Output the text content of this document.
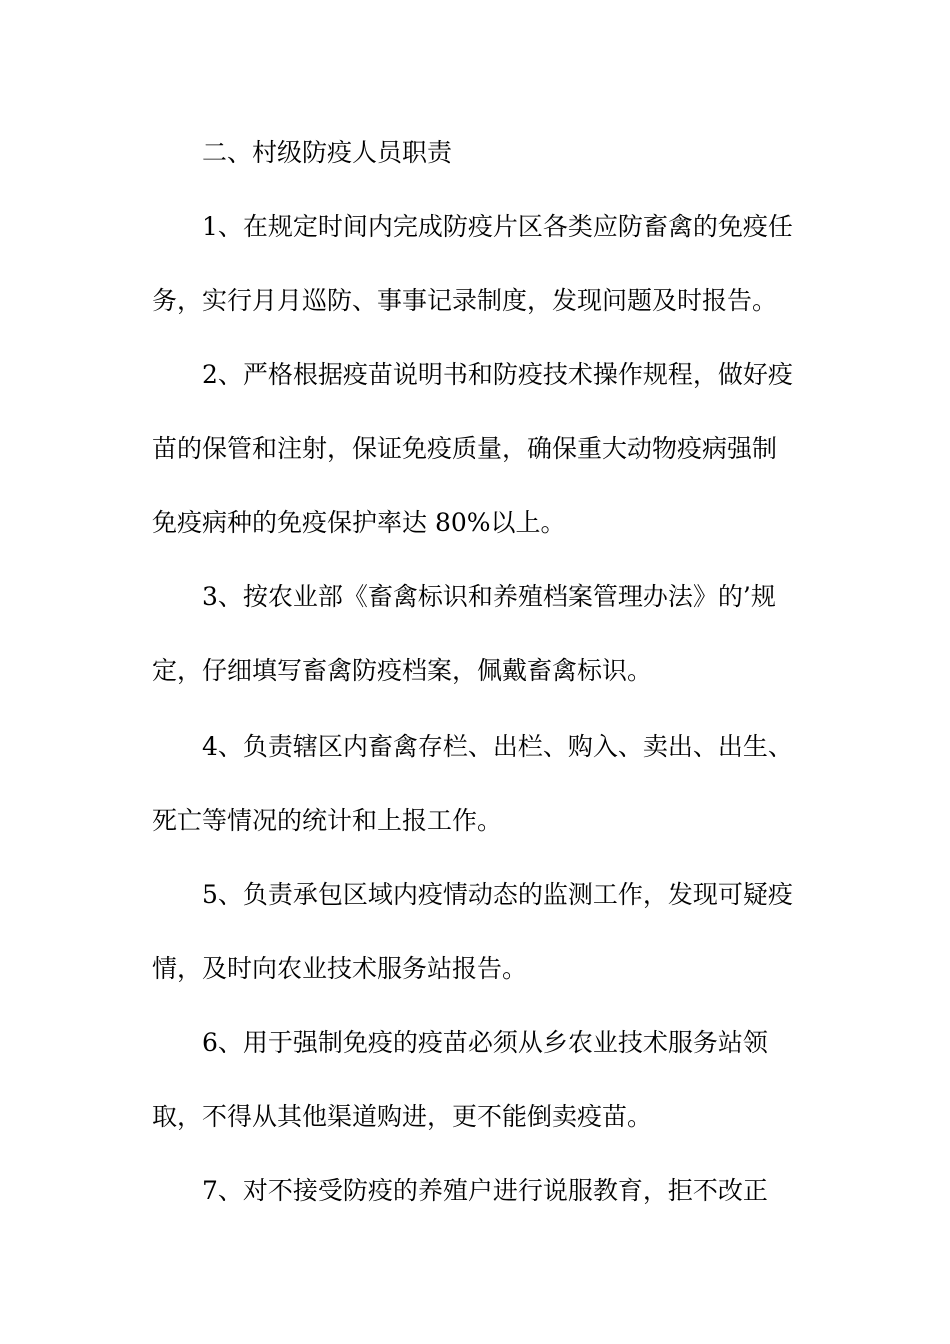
二、村级防疫人员职责
1、在规定时间内完成防疫片区各类应防畜禽的免疫任
务，实行月月巡防、事事记录制度，发现问题及时报告。
2、严格根据疫苗说明书和防疫技术操作规程，做好疫
苗的保管和注射，保证免疫质量，确保重大动物疫病强制
免疫病种的免疫保护率达 80%以上。
3、按农业部《畜禽标识和养殖档案管理办法》的’规
定，仔细填写畜禽防疫档案，佩戴畜禽标识。
4、负责辖区内畜禽存栏、出栏、购入、卖出、出生、
死亡等情况的统计和上报工作。
5、负责承包区域内疫情动态的监测工作，发现可疑疫
情，及时向农业技术服务站报告。
6、用于强制免疫的疫苗必须从乡农业技术服务站领
取，不得从其他渠道购进，更不能倒卖疫苗。
7、对不接受防疫的养殖户进行说服教育，拒不改正
